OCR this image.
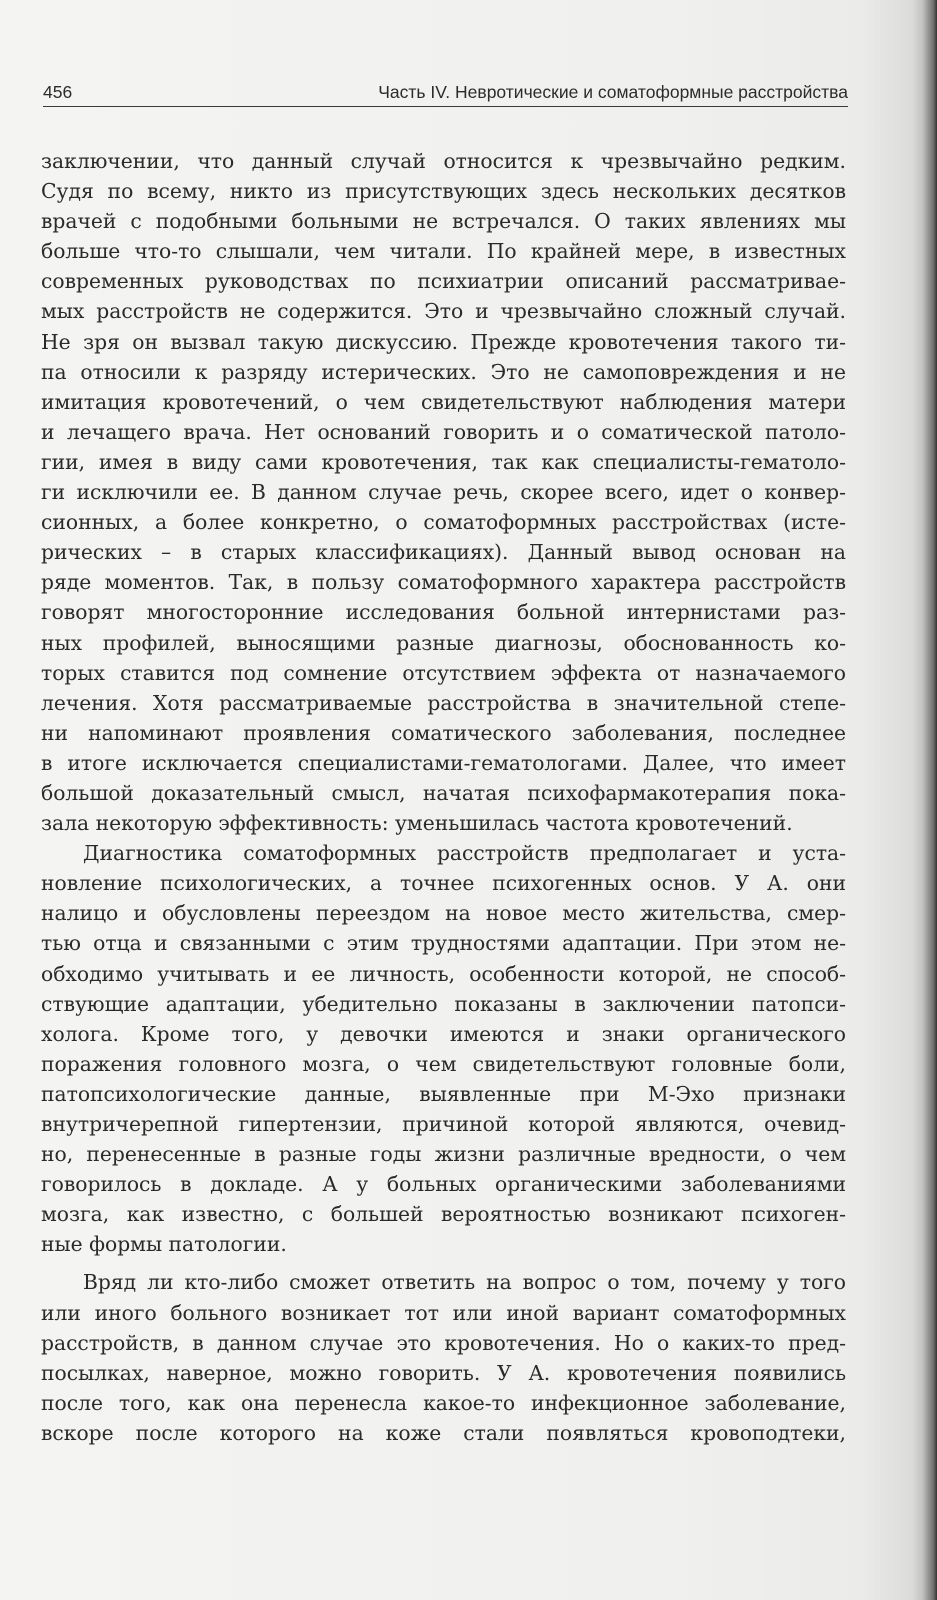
456	Часть IV. Невротические и соматоформные расстройства

заключении, что данный случай относится к чрезвычайно редким.

Судя по всему, никто из присутствующих здесь нескольких десятков

врачей с подобными больными не встречался. О таких явлениях мы

больше что-то слышали, чем читали. По крайней мере, в известных

современных руководствах по психиатрии описаний рассматривае-

мых расстройств не содержится. Это и чрезвычайно сложный случай.

Не зря он вызвал такую дискуссию. Прежде кровотечения такого ти-

па относили к разряду истерических. Это не самоповреждения и не

имитация кровотечений, о чем свидетельствуют наблюдения матери

и лечащего врача. Нет оснований говорить и о соматической патоло-

гии, имея в виду сами кровотечения, так как специалисты-гематоло-

ги исключили ее. В данном случае речь, скорее всего, идет о конвер-

сионных, а более конкретно, о соматоформных расстройствах (исте-

рических – в старых классификациях). Данный вывод основан на

ряде моментов. Так, в пользу соматоформного характера расстройств

говорят многосторонние исследования больной интернистами раз-

ных профилей, выносящими разные диагнозы, обоснованность ко-

торых ставится под сомнение отсутствием эффекта от назначаемого

лечения. Хотя рассматриваемые расстройства в значительной степе-

ни напоминают проявления соматического заболевания, последнее

в итоге исключается специалистами-гематологами. Далее, что имеет

большой доказательный смысл, начатая психофармакотерапия пока-

зала некоторую эффективность: уменьшилась частота кровотечений.

Диагностика соматоформных расстройств предполагает и уста-

новление психологических, а точнее психогенных основ. У А. они

налицо и обусловлены переездом на новое место жительства, смер-

тью отца и связанными с этим трудностями адаптации. При этом не-

обходимо учитывать и ее личность, особенности которой, не способ-

ствующие адаптации, убедительно показаны в заключении патопси-

холога. Кроме того, у девочки имеются и знаки органического

поражения головного мозга, о чем свидетельствуют головные боли,

патопсихологические данные, выявленные при М-Эхо признаки

внутричерепной гипертензии, причиной которой являются, очевид-

но, перенесенные в разные годы жизни различные вредности, о чем

говорилось в докладе. А у больных органическими заболеваниями

мозга, как известно, с большей вероятностью возникают психоген-

ные формы патологии.

Вряд ли кто-либо сможет ответить на вопрос о том, почему у того

или иного больного возникает тот или иной вариант соматоформных

расстройств, в данном случае это кровотечения. Но о каких-то пред-

посылках, наверное, можно говорить. У А. кровотечения появились

после того, как она перенесла какое-то инфекционное заболевание,

вскоре после которого на коже стали появляться кровоподтеки,
